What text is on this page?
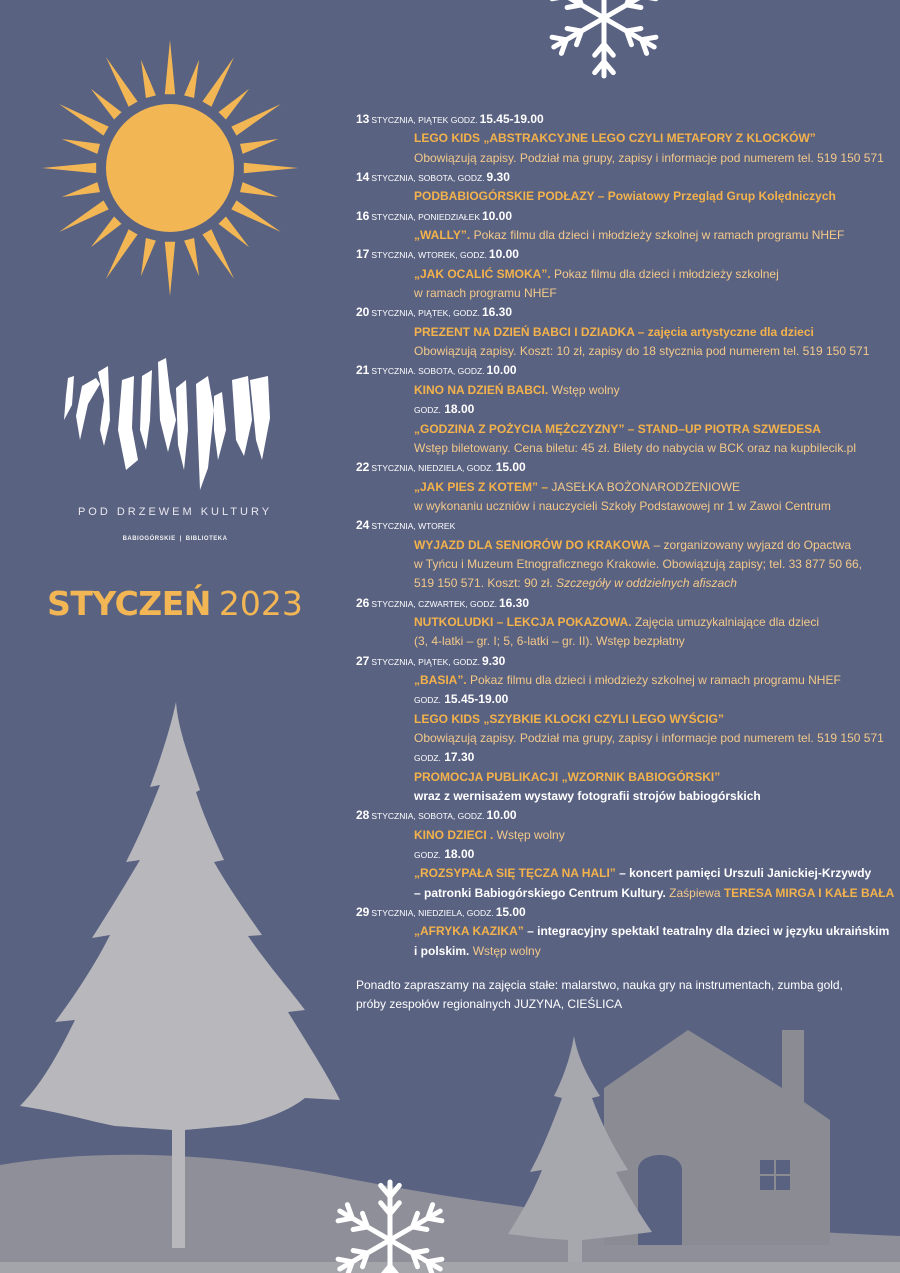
POD DRZEWEM KULTURY
BABIOGÓRSKIE | BIBLIOTEKA
STYCZEŃ 2023
13 STYCZNIA, PIĄTEK GODZ. 15.45-19.00
LEGO KIDS „ABSTRAKCYJNE LEGO CZYLI METAFORY Z KLOCKÓW”
Obowiązują zapisy. Podział ma grupy, zapisy i informacje pod numerem tel. 519 150 571
14 STYCZNIA, SOBOTA, GODZ. 9.30
PODBABIOGÓRSKIE PODŁAZY – Powiatowy Przegląd Grup Kolędniczych
16 STYCZNIA, PONIEDZIAŁEK 10.00
„WALLY”. Pokaz filmu dla dzieci i młodzieży szkolnej w ramach programu NHEF
17 STYCZNIA, WTOREK, GODZ. 10.00
„JAK OCALIĆ SMOKA”. Pokaz filmu dla dzieci i młodzieży szkolnej
w ramach programu NHEF
20 STYCZNIA, PIĄTEK, GODZ. 16.30
PREZENT NA DZIEŃ BABCI I DZIADKA – zajęcia artystyczne dla dzieci
Obowiązują zapisy. Koszt: 10 zł, zapisy do 18 stycznia pod numerem tel. 519 150 571
21 STYCZNIA. SOBOTA, GODZ. 10.00
KINO NA DZIEŃ BABCI. Wstęp wolny
GODZ. 18.00
„GODZINA Z POŻYCIA MĘŻCZYZNY” – STAND–UP PIOTRA SZWEDESA
Wstęp biletowany. Cena biletu: 45 zł. Bilety do nabycia w BCK oraz na kupbilecik.pl
22 STYCZNIA, NIEDZIELA, GODZ. 15.00
„JAK PIES Z KOTEM” – JASEŁKA BOŻONARODZENIOWE
w wykonaniu uczniów i nauczycieli Szkoły Podstawowej nr 1 w Zawoi Centrum
24 STYCZNIA, WTOREK
WYJAZD DLA SENIORÓW DO KRAKOWA – zorganizowany wyjazd do Opactwa
w Tyńcu i Muzeum Etnograficznego Krakowie. Obowiązują zapisy; tel. 33 877 50 66,
519 150 571. Koszt: 90 zł. Szczegóły w oddzielnych afiszach
26 STYCZNIA, CZWARTEK, GODZ. 16.30
NUTKOLUDKI – LEKCJA POKAZOWA. Zajęcia umuzykalniające dla dzieci
(3, 4-latki – gr. I; 5, 6-latki – gr. II). Wstęp bezpłatny
27 STYCZNIA, PIĄTEK, GODZ. 9.30
„BASIA”. Pokaz filmu dla dzieci i młodzieży szkolnej w ramach programu NHEF
GODZ. 15.45-19.00
LEGO KIDS „SZYBKIE KLOCKI CZYLI LEGO WYŚCIG”
Obowiązują zapisy. Podział ma grupy, zapisy i informacje pod numerem tel. 519 150 571
GODZ. 17.30
PROMOCJA PUBLIKACJI „WZORNIK BABIOGÓRSKI”
wraz z wernisażem wystawy fotografii strojów babiogórskich
28 STYCZNIA, SOBOTA, GODZ. 10.00
KINO DZIECI . Wstęp wolny
GODZ. 18.00
„ROZSYPAŁA SIĘ TĘCZA NA HALI” – koncert pamięci Urszuli Janickiej-Krzywdy
– patronki Babiogórskiego Centrum Kultury. Zaśpiewa TERESA MIRGA I KAŁE BAŁA
29 STYCZNIA, NIEDZIELA, GODZ. 15.00
„AFRYKA KAZIKA” – integracyjny spektakl teatralny dla dzieci w języku ukraińskim
i polskim. Wstęp wolny
Ponadto zapraszamy na zajęcia stałe: malarstwo, nauka gry na instrumentach, zumba gold,
próby zespołów regionalnych JUZYNA, CIEŚLICA
